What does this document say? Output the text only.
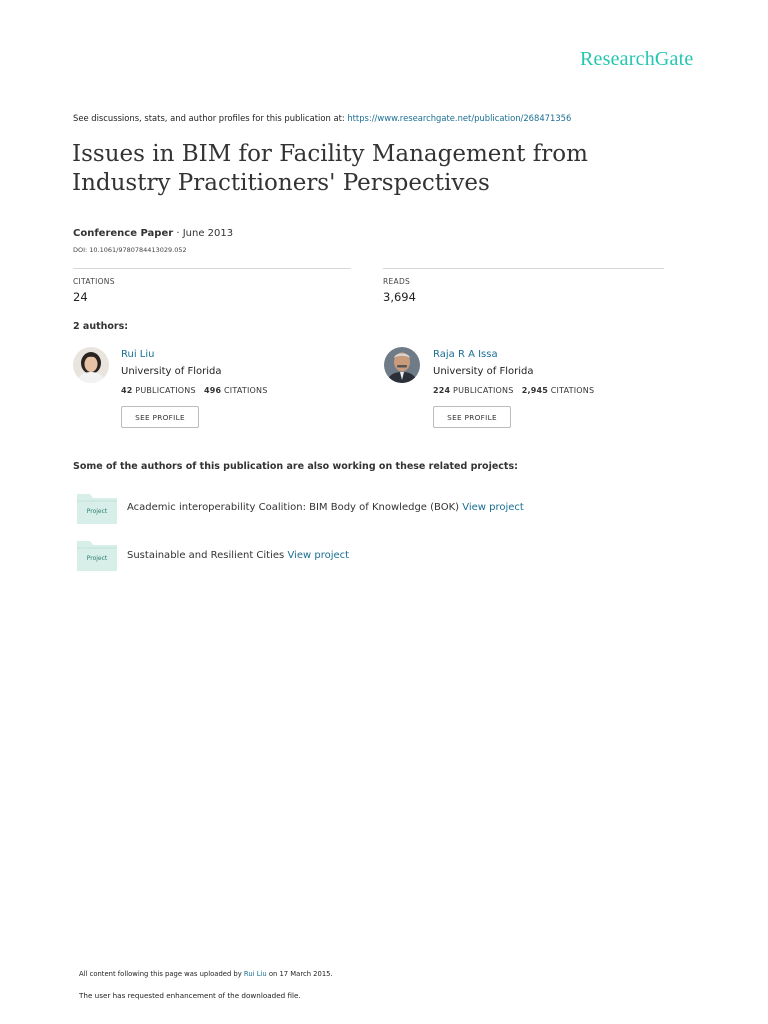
ResearchGate
See discussions, stats, and author profiles for this publication at: https://www.researchgate.net/publication/268471356
Issues in BIM for Facility Management from
Industry Practitioners' Perspectives
Conference Paper · June 2013
DOI: 10.1061/9780784413029.052
CITATIONS
24
READS
3,694
2 authors:
Rui Liu
University of Florida
42 PUBLICATIONS 496 CITATIONS
SEE PROFILE
Raja R A Issa
University of Florida
224 PUBLICATIONS 2,945 CITATIONS
SEE PROFILE
Some of the authors of this publication are also working on these related projects:
Project Academic interoperability Coalition: BIM Body of Knowledge (BOK) View project
Project Sustainable and Resilient Cities View project
All content following this page was uploaded by Rui Liu on 17 March 2015.
The user has requested enhancement of the downloaded file.
